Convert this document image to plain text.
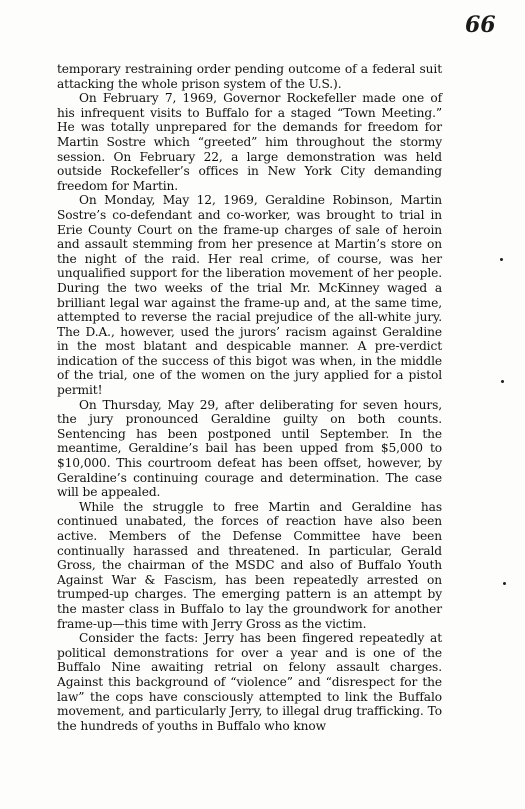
66

temporary restraining order pending outcome of a federal suit attacking the whole prison system of the U.S.).

On February 7, 1969, Governor Rockefeller made one of his infrequent visits to Buffalo for a staged “Town Meeting.” He was totally unprepared for the demands for freedom for Martin Sostre which “greeted” him throughout the stormy session. On February 22, a large demonstration was held outside Rockefeller’s offices in New York City demanding freedom for Martin.

On Monday, May 12, 1969, Geraldine Robinson, Martin Sostre’s co-defendant and co-worker, was brought to trial in Erie County Court on the frame-up charges of sale of heroin and assault stemming from her presence at Martin’s store on the night of the raid. Her real crime, of course, was her unqualified support for the liberation movement of her people. During the two weeks of the trial Mr. McKinney waged a brilliant legal war against the frame-up and, at the same time, attempted to reverse the racial prejudice of the all-white jury. The D.A., however, used the jurors’ racism against Geraldine in the most blatant and despicable manner. A pre-verdict indication of the success of this bigot was when, in the middle of the trial, one of the women on the jury applied for a pistol permit!

On Thursday, May 29, after deliberating for seven hours, the jury pronounced Geraldine guilty on both counts. Sentencing has been postponed until September. In the meantime, Geraldine’s bail has been upped from $5,000 to $10,000. This courtroom defeat has been offset, however, by Geraldine’s continuing courage and determination. The case will be appealed.

While the struggle to free Martin and Geraldine has continued unabated, the forces of reaction have also been active. Members of the Defense Committee have been continually harassed and threatened. In particular, Gerald Gross, the chairman of the MSDC and also of Buffalo Youth Against War & Fascism, has been repeatedly arrested on trumped-up charges. The emerging pattern is an attempt by the master class in Buffalo to lay the groundwork for another frame-up—this time with Jerry Gross as the victim.

Consider the facts: Jerry has been fingered repeatedly at political demonstrations for over a year and is one of the Buffalo Nine awaiting retrial on felony assault charges. Against this background of “violence” and “disrespect for the law” the cops have consciously attempted to link the Buffalo movement, and particularly Jerry, to illegal drug trafficking. To the hundreds of youths in Buffalo who know
